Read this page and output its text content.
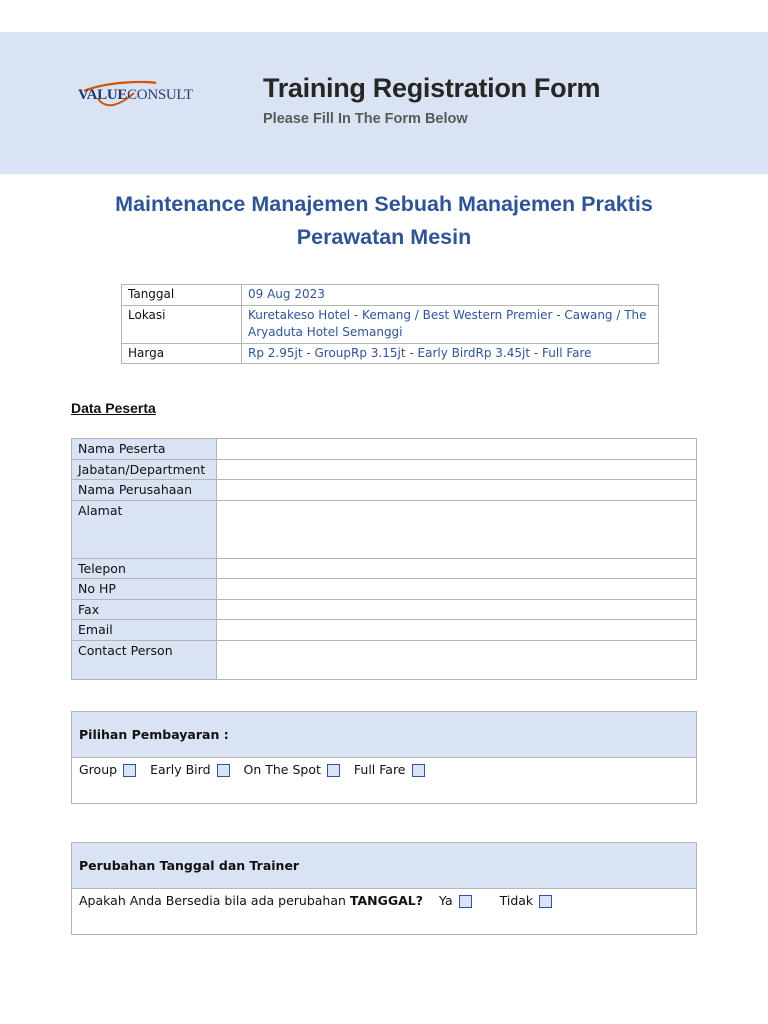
VALUECONSULT	Training Registration Form
Please Fill In The Form Below
Maintenance Manajemen Sebuah Manajemen Praktis Perawatan Mesin
Tanggal	09 Aug 2023
Lokasi	Kuretakeso Hotel - Kemang / Best Western Premier - Cawang / The Aryaduta Hotel Semanggi
Harga	Rp 2.95jt - GroupRp 3.15jt - Early BirdRp 3.45jt - Full Fare
Data Peserta
Nama Peserta	
Jabatan/Department	
Nama Perusahaan	
Alamat	
Telepon	
No HP	
Fax	
Email	
Contact Person	
Pilihan Pembayaran :
Group	Early Bird	On The Spot	Full Fare
Perubahan Tanggal dan Trainer
Apakah Anda Bersedia bila ada perubahan TANGGAL? Ya	Tidak
